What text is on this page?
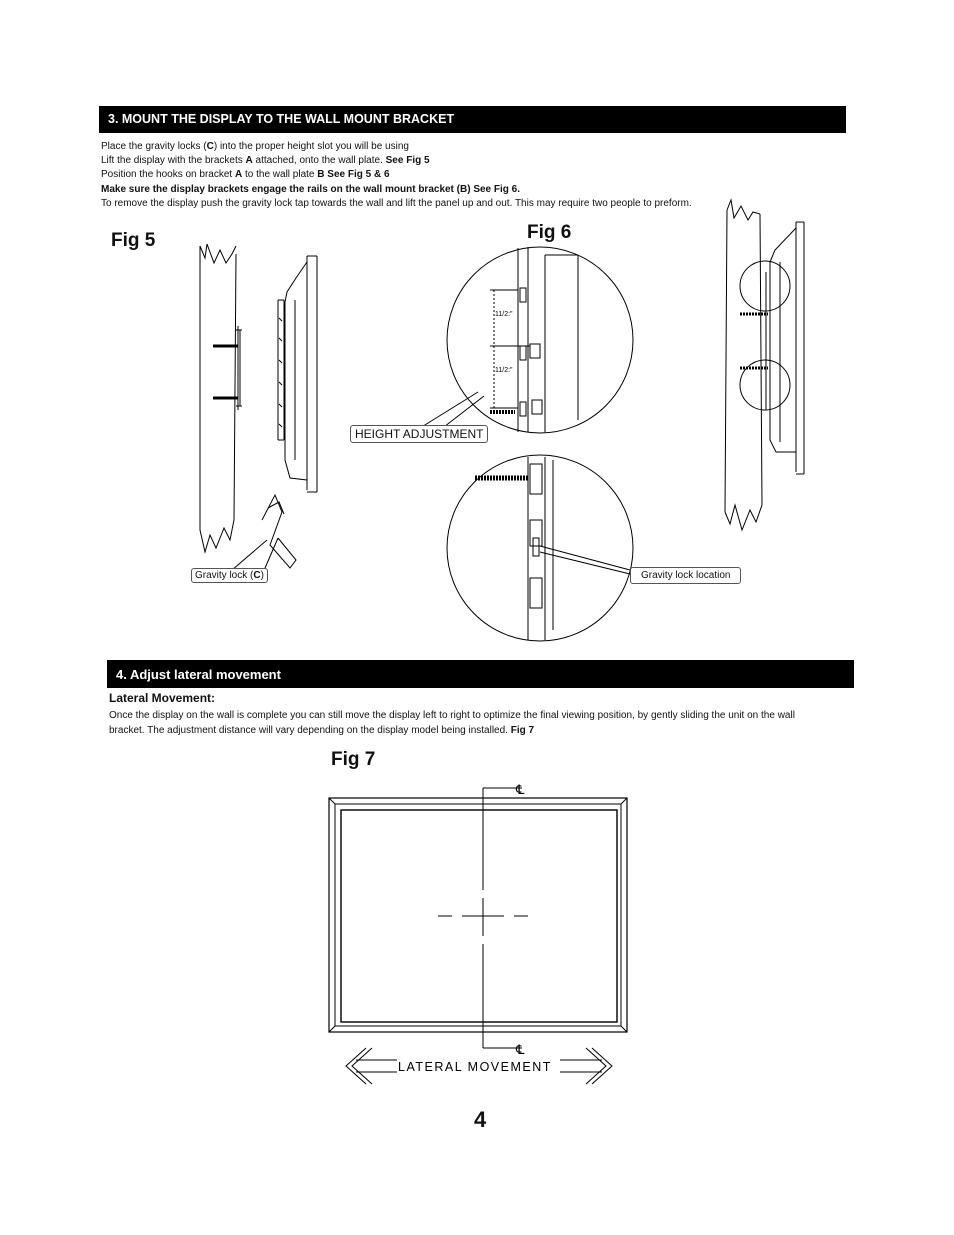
3. MOUNT THE DISPLAY TO THE WALL MOUNT BRACKET
Place the gravity locks (C) into the proper height slot you will be using
Lift the display with the brackets A attached, onto the wall plate. See Fig 5
Position the hooks on bracket A to the wall plate B See Fig 5 & 6
Make sure the display brackets engage the rails on the wall mount bracket (B) See Fig 6.
To remove the display push the gravity lock tap towards the wall and lift the panel up and out. This may require two people to preform.
Fig 5	Fig 6
11/2:"
11/2:"
℄
℄
LATERAL MOVEMENT
Gravity lock (C)
HEIGHT ADJUSTMENT
Gravity lock location
4. Adjust lateral movement
Lateral Movement:
Once the display on the wall is complete you can still move the display left to right to optimize the final viewing position, by gently sliding the unit on the wall
bracket. The adjustment distance will vary depending on the display model being installed. Fig 7
Fig 7
4
